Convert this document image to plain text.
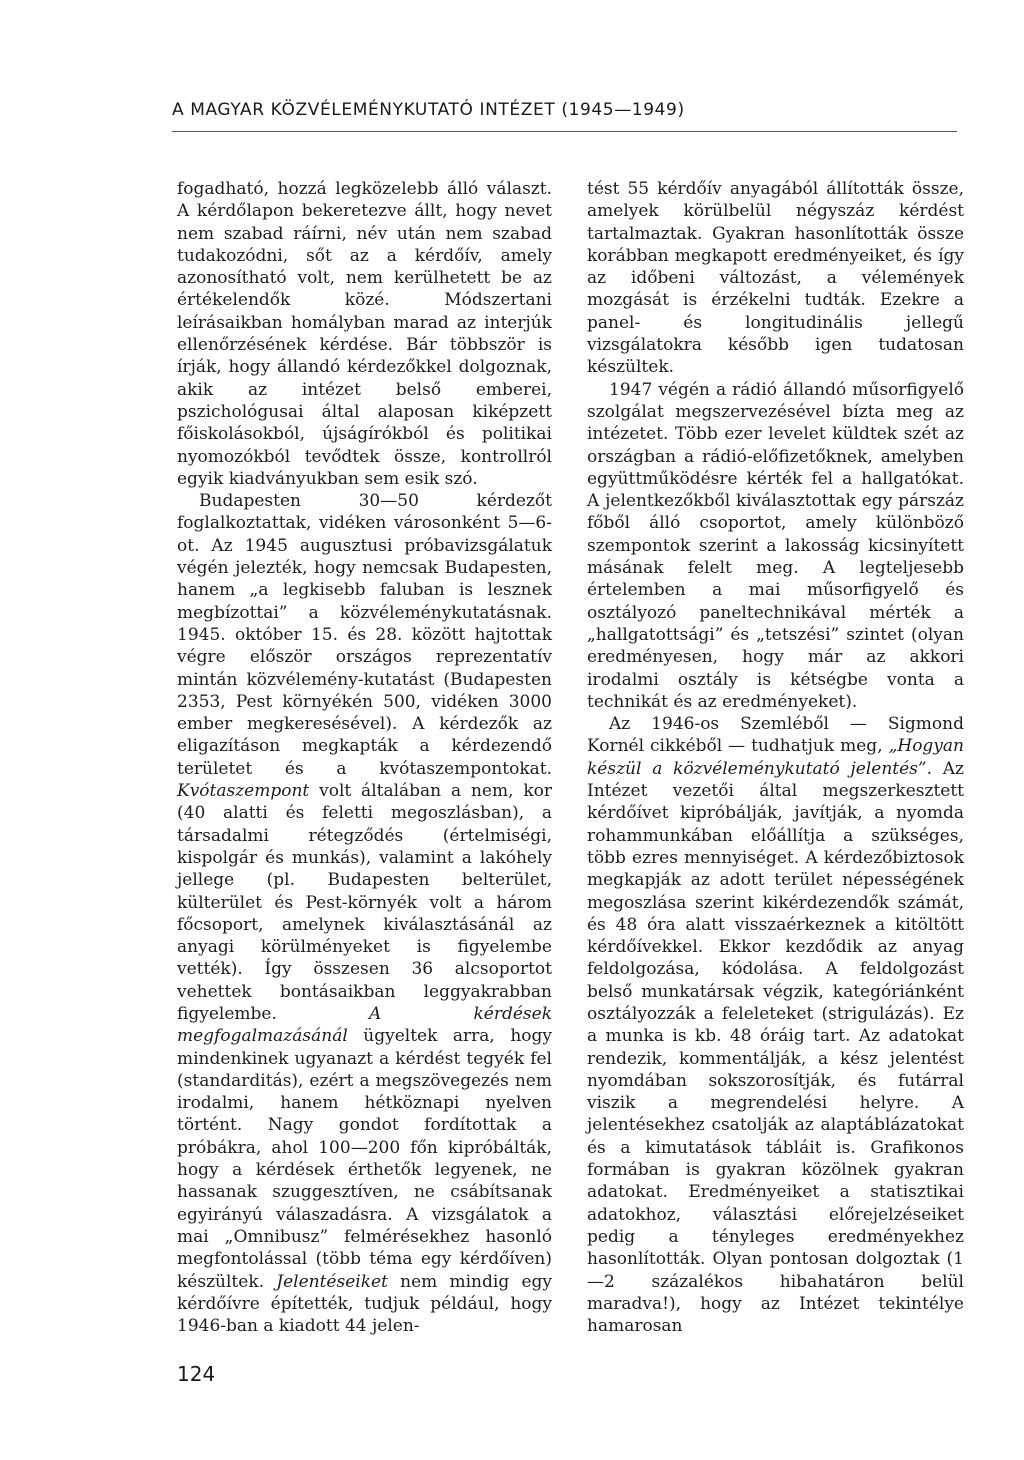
A MAGYAR KÖZVÉLEMÉNYKUTATÓ INTÉZET (1945—1949)

fogadható, hozzá legközelebb álló választ. A kérdőlapon bekeretezve állt, hogy nevet nem szabad ráírni, név után nem szabad tudakozódni, sőt az a kérdőív, amely azonosítható volt, nem kerülhetett be az értékelendők közé. Módszertani leírásaikban homályban marad az interjúk ellenőrzésének kérdése. Bár többször is írják, hogy állandó kérdezőkkel dolgoznak, akik az intézet belső emberei, pszichológusai által alaposan kiképzett főiskolásokból, újságírókból és politikai nyomozókból tevődtek össze, kontrollról egyik kiadványukban sem esik szó.

Budapesten 30—50 kérdezőt foglalkoztattak, vidéken városonként 5—6-ot. Az 1945 augusztusi próbavizsgálatuk végén jelezték, hogy nemcsak Budapesten, hanem „a legkisebb faluban is lesznek megbízottai” a közvéleménykutatásnak. 1945. október 15. és 28. között hajtottak végre először országos reprezentatív mintán közvélemény-kutatást (Budapesten 2353, Pest környékén 500, vidéken 3000 ember megkeresésével). A kérdezők az eligazításon megkapták a kérdezendő területet és a kvótaszempontokat. Kvótaszempont volt általában a nem, kor (40 alatti és feletti megoszlásban), a társadalmi rétegződés (értelmiségi, kispolgár és munkás), valamint a lakóhely jellege (pl. Budapesten belterület, külterület és Pest-környék volt a három főcsoport, amelynek kiválasztásánál az anyagi körülményeket is figyelembe vették). Így összesen 36 alcsoportot vehettek bontásaikban leggyakrabban figyelembe.	A kérdések megfogalmazásánál ügyeltek arra, hogy mindenkinek ugyanazt a kérdést tegyék fel (standarditás), ezért a megszövegezés nem irodalmi, hanem hétköznapi nyelven történt. Nagy gondot fordítottak a próbákra, ahol 100—200 főn kipróbálták, hogy a kérdések érthetők legyenek, ne hassanak szuggesztíven, ne csábítsanak egyirányú válaszadásra. A vizsgálatok a mai „Omnibusz” felmérésekhez hasonló megfontolással (több téma egy kérdőíven) készültek. Jelentéseiket nem mindig egy kérdőívre építették, tudjuk például, hogy 1946-ban a kiadott 44 jelen-

tést 55 kérdőív anyagából állították össze, amelyek körülbelül négyszáz kérdést tartalmaztak. Gyakran hasonlították össze korábban megkapott eredményeiket, és így az időbeni változást, a vélemények mozgását is érzékelni tudták. Ezekre a panel- és longitudinális jellegű vizsgálatokra később igen tudatosan készültek.

1947 végén a rádió állandó műsorfigyelő szolgálat megszervezésével bízta meg az intézetet. Több ezer levelet küldtek szét az országban a rádió-előfizetőknek, amelyben együttműködésre kérték fel a hallgatókat. A jelentkezőkből kiválasztottak egy párszáz főből álló csoportot, amely különböző szempontok szerint a lakosság kicsinyített másának felelt meg. A legteljesebb értelemben a mai műsorfigyelő és osztályozó paneltechnikával mérték a „hallgatottsági” és „tetszési” szintet (olyan eredményesen, hogy már az akkori irodalmi osztály is kétségbe vonta a technikát és az eredményeket).

Az 1946-os Szemléből — Sigmond Kornél cikkéből — tudhatjuk meg, „Hogyan készül a közvéleménykutató jelentés”. Az Intézet vezetői által megszerkesztett kérdőívet kipróbálják, javítják, a nyomda rohammunkában előállítja a szükséges, több ezres mennyiséget. A kérdezőbiztosok megkapják az adott terület népességének megoszlása szerint kikérdezendők számát, és 48 óra alatt visszaérkeznek a kitöltött kérdőívekkel. Ekkor kezdődik az anyag feldolgozása, kódolása. A feldolgozást belső munkatársak végzik, kategóriánként osztályozzák a feleleteket (strigulázás). Ez a munka is kb. 48 óráig tart. Az adatokat rendezik, kommentálják, a kész jelentést nyomdában sokszorosítják, és futárral viszik a megrendelési helyre. A jelentésekhez csatolják az alaptáblázatokat és a kimutatások tábláit is. Grafikonos formában is gyakran közölnek gyakran adatokat. Eredményeiket a statisztikai adatokhoz, választási előrejelzéseiket pedig a tényleges eredményekhez hasonlították. Olyan pontosan dolgoztak (1—2 százalékos hibahatáron belül maradva!), hogy az Intézet tekintélye hamarosan

124
